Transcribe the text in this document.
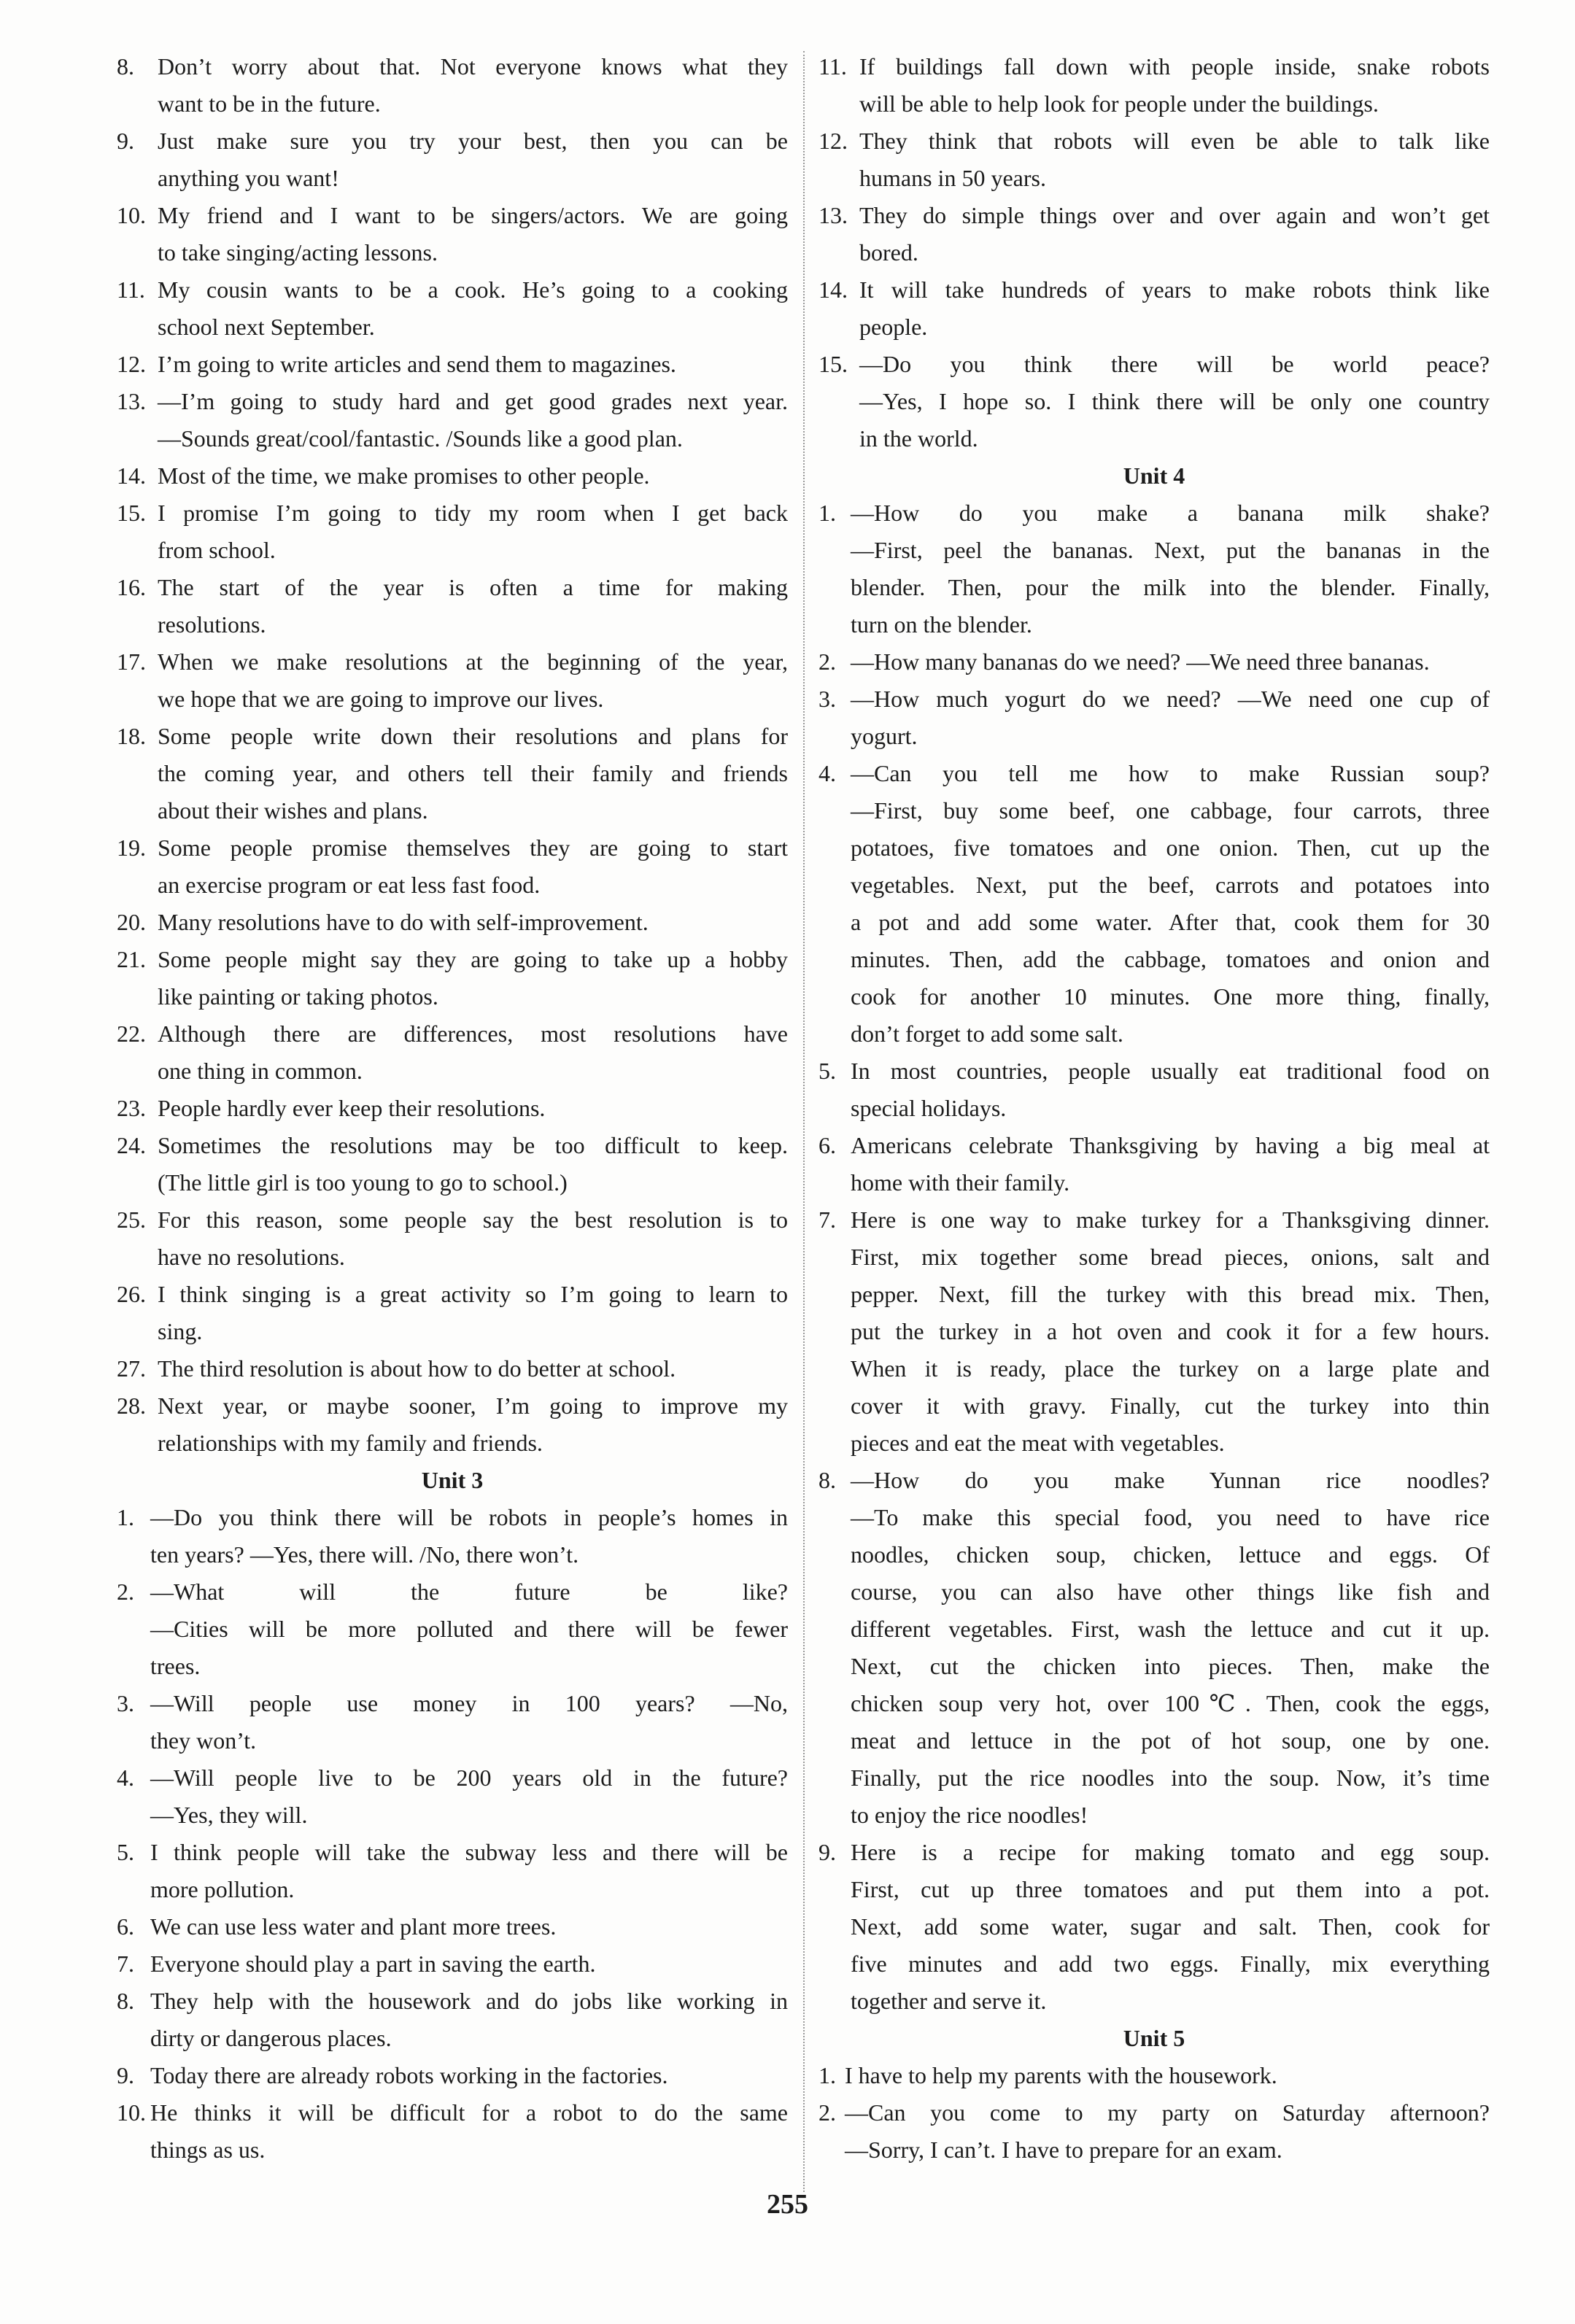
8.	Don’t worry about that. Not everyone knows what they
want to be in the future.
9.	Just make sure you try your best, then you can be
anything you want!
10. My friend and I want to be singers/actors. We are going
to take singing/acting lessons.
11. My cousin wants to be a cook. He’s going to a cooking
school next September.
12. I’m going to write articles and send them to magazines.
13. —I’m going to study hard and get good grades next year.
—Sounds great/cool/fantastic. /Sounds like a good plan.
14. Most of the time, we make promises to other people.
15. I promise I’m going to tidy my room when I get back
from school.
16. The start of the year is often a time for making
resolutions.
17. When we make resolutions at the beginning of the year,
we hope that we are going to improve our lives.
18. Some people write down their resolutions and plans for
the coming year, and others tell their family and friends
about their wishes and plans.
19. Some people promise themselves they are going to start
an exercise program or eat less fast food.
20. Many resolutions have to do with self-improvement.
21. Some people might say they are going to take up a hobby
like painting or taking photos.
22. Although there are differences, most resolutions have
one thing in common.
23. People hardly ever keep their resolutions.
24. Sometimes the resolutions may be too difficult to keep.
(The little girl is too young to go to school.)
25. For this reason, some people say the best resolution is to
have no resolutions.
26. I think singing is a great activity so I’m going to learn to
sing.
27. The third resolution is about how to do better at school.
28. Next year, or maybe sooner, I’m going to improve my
relationships with my family and friends.
Unit 3
1. —Do you think there will be robots in people’s homes in
ten years? —Yes, there will. /No, there won’t.
2. —What will the future be like?
—Cities will be more polluted and there will be fewer
trees.
3. —Will people use money in 100 years? —No,
they won’t.
4. —Will people live to be 200 years old in the future?
—Yes, they will.
5. I think people will take the subway less and there will be
more pollution.
6. We can use less water and plant more trees.
7. Everyone should play a part in saving the earth.
8. They help with the housework and do jobs like working in
dirty or dangerous places.
9. Today there are already robots working in the factories.
10. He thinks it will be difficult for a robot to do the same
things as us.
11. If buildings fall down with people inside, snake robots
will be able to help look for people under the buildings.
12. They think that robots will even be able to talk like
humans in 50 years.
13. They do simple things over and over again and won’t get
bored.
14. It will take hundreds of years to make robots think like
people.
15. —Do you think there will be world peace?
—Yes, I hope so. I think there will be only one country
in the world.
Unit 4
1. —How do you make a banana milk shake?
—First, peel the bananas. Next, put the bananas in the
blender. Then, pour the milk into the blender. Finally,
turn on the blender.
2. —How many bananas do we need? —We need three bananas.
3. —How much yogurt do we need? —We need one cup of
yogurt.
4. —Can you tell me how to make Russian soup?
—First, buy some beef, one cabbage, four carrots, three
potatoes, five tomatoes and one onion. Then, cut up the
vegetables. Next, put the beef, carrots and potatoes into
a pot and add some water. After that, cook them for 30
minutes. Then, add the cabbage, tomatoes and onion and
cook for another 10 minutes. One more thing, finally,
don’t forget to add some salt.
5. In most countries, people usually eat traditional food on
special holidays.
6. Americans celebrate Thanksgiving by having a big meal at
home with their family.
7. Here is one way to make turkey for a Thanksgiving dinner.
First, mix together some bread pieces, onions, salt and
pepper. Next, fill the turkey with this bread mix. Then,
put the turkey in a hot oven and cook it for a few hours.
When it is ready, place the turkey on a large plate and
cover it with gravy. Finally, cut the turkey into thin
pieces and eat the meat with vegetables.
8. —How do you make Yunnan rice noodles?
—To make this special food, you need to have rice
noodles, chicken soup, chicken, lettuce and eggs. Of
course, you can also have other things like fish and
different vegetables. First, wash the lettuce and cut it up.
Next, cut the chicken into pieces. Then, make the
chicken soup very hot, over 100℃. Then, cook the eggs,
meat and lettuce in the pot of hot soup, one by one.
Finally, put the rice noodles into the soup. Now, it’s time
to enjoy the rice noodles!
9. Here is a recipe for making tomato and egg soup.
First, cut up three tomatoes and put them into a pot.
Next, add some water, sugar and salt. Then, cook for
five minutes and add two eggs. Finally, mix everything
together and serve it.
Unit 5
1. I have to help my parents with the housework.
2. —Can you come to my party on Saturday afternoon?
—Sorry, I can’t. I have to prepare for an exam.
255
